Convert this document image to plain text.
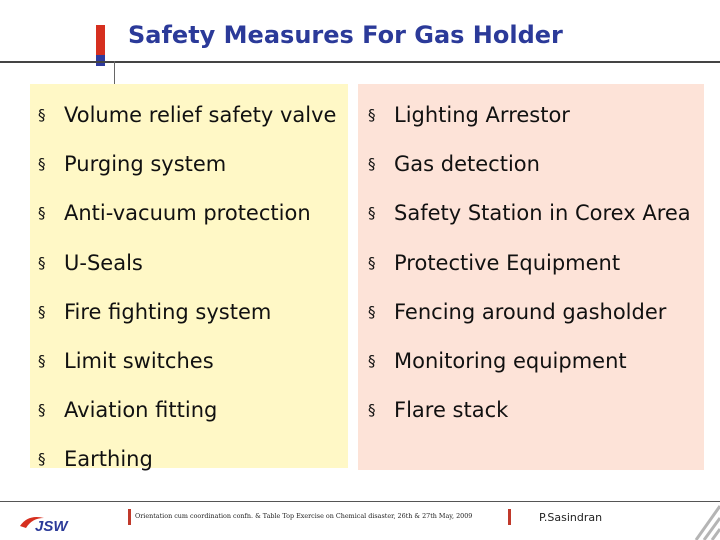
Safety Measures For Gas Holder
§ Volume relief safety valve
§ Purging system
§ Anti-vacuum protection
§ U-Seals
§ Fire fighting system
§ Limit switches
§ Aviation fitting
§ Earthing
§ Lighting Arrestor
§ Gas detection
§ Safety Station in Corex Area
§ Protective Equipment
§ Fencing around gasholder
§ Monitoring equipment
§ Flare stack
JSW
Orientation cum coordination confn. & Table Top Exercise on Chemical disaster, 26th & 27th May, 2009	P.Sasindran
